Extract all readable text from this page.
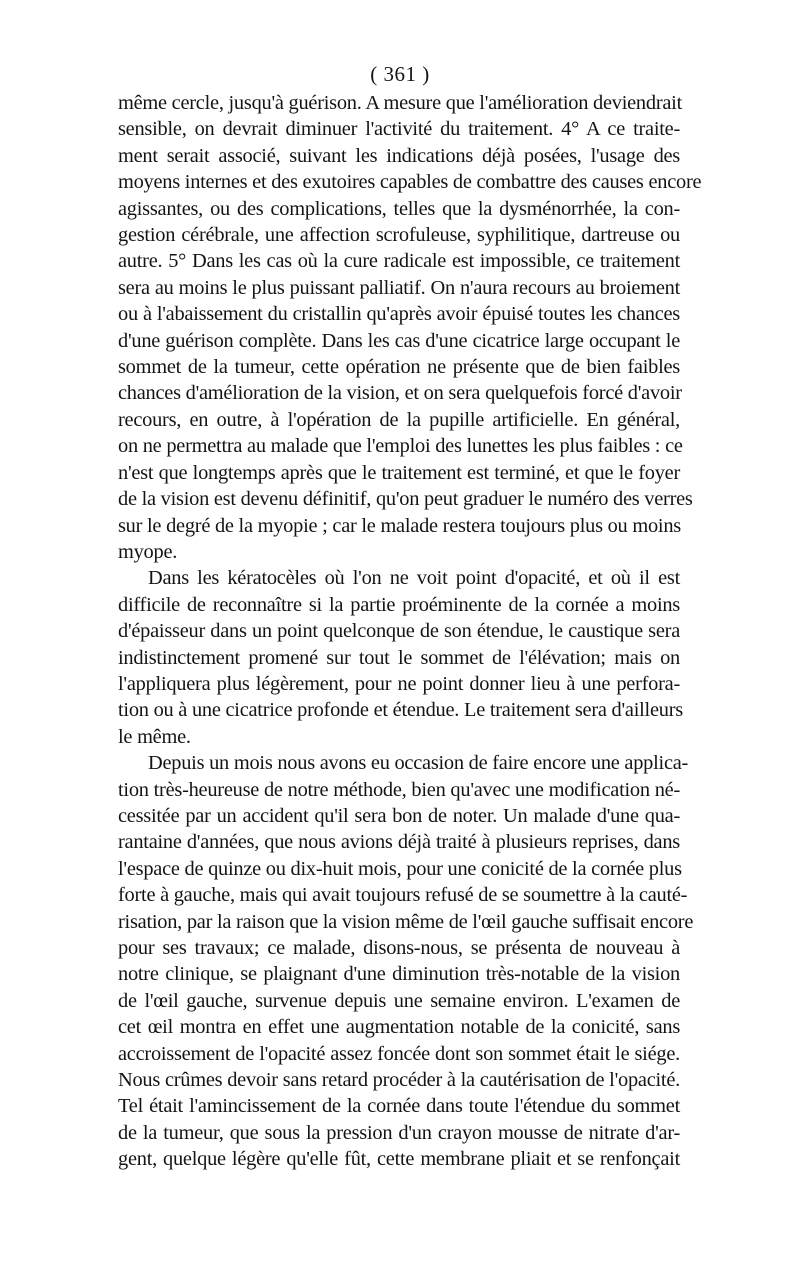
( 361 )

même cercle, jusqu'à guérison. A mesure que l'amélioration deviendrait
sensible, on devrait diminuer l'activité du traitement. 4° A ce traite-
ment serait associé, suivant les indications déjà posées, l'usage des
moyens internes et des exutoires capables de combattre des causes encore
agissantes, ou des complications, telles que la dysménorrhée, la con-
gestion cérébrale, une affection scrofuleuse, syphilitique, dartreuse ou
autre. 5° Dans les cas où la cure radicale est impossible, ce traitement
sera au moins le plus puissant palliatif. On n'aura recours au broiement
ou à l'abaissement du cristallin qu'après avoir épuisé toutes les chances
d'une guérison complète. Dans les cas d'une cicatrice large occupant le
sommet de la tumeur, cette opération ne présente que de bien faibles
chances d'amélioration de la vision, et on sera quelquefois forcé d'avoir
recours, en outre, à l'opération de la pupille artificielle. En général,
on ne permettra au malade que l'emploi des lunettes les plus faibles : ce
n'est que longtemps après que le traitement est terminé, et que le foyer
de la vision est devenu définitif, qu'on peut graduer le numéro des verres
sur le degré de la myopie ; car le malade restera toujours plus ou moins
myope.

Dans les kératocèles où l'on ne voit point d'opacité, et où il est
difficile de reconnaître si la partie proéminente de la cornée a moins
d'épaisseur dans un point quelconque de son étendue, le caustique sera
indistinctement promené sur tout le sommet de l'élévation; mais on
l'appliquera plus légèrement, pour ne point donner lieu à une perfora-
tion ou à une cicatrice profonde et étendue. Le traitement sera d'ailleurs
le même.

Depuis un mois nous avons eu occasion de faire encore une applica-
tion très-heureuse de notre méthode, bien qu'avec une modification né-
cessitée par un accident qu'il sera bon de noter. Un malade d'une qua-
rantaine d'années, que nous avions déjà traité à plusieurs reprises, dans
l'espace de quinze ou dix-huit mois, pour une conicité de la cornée plus
forte à gauche, mais qui avait toujours refusé de se soumettre à la cauté-
risation, par la raison que la vision même de l'œil gauche suffisait encore
pour ses travaux; ce malade, disons-nous, se présenta de nouveau à
notre clinique, se plaignant d'une diminution très-notable de la vision
de l'œil gauche, survenue depuis une semaine environ. L'examen de
cet œil montra en effet une augmentation notable de la conicité, sans
accroissement de l'opacité assez foncée dont son sommet était le siége.
Nous crûmes devoir sans retard procéder à la cautérisation de l'opacité.
Tel était l'amincissement de la cornée dans toute l'étendue du sommet
de la tumeur, que sous la pression d'un crayon mousse de nitrate d'ar-
gent, quelque légère qu'elle fût, cette membrane pliait et se renfonçait
